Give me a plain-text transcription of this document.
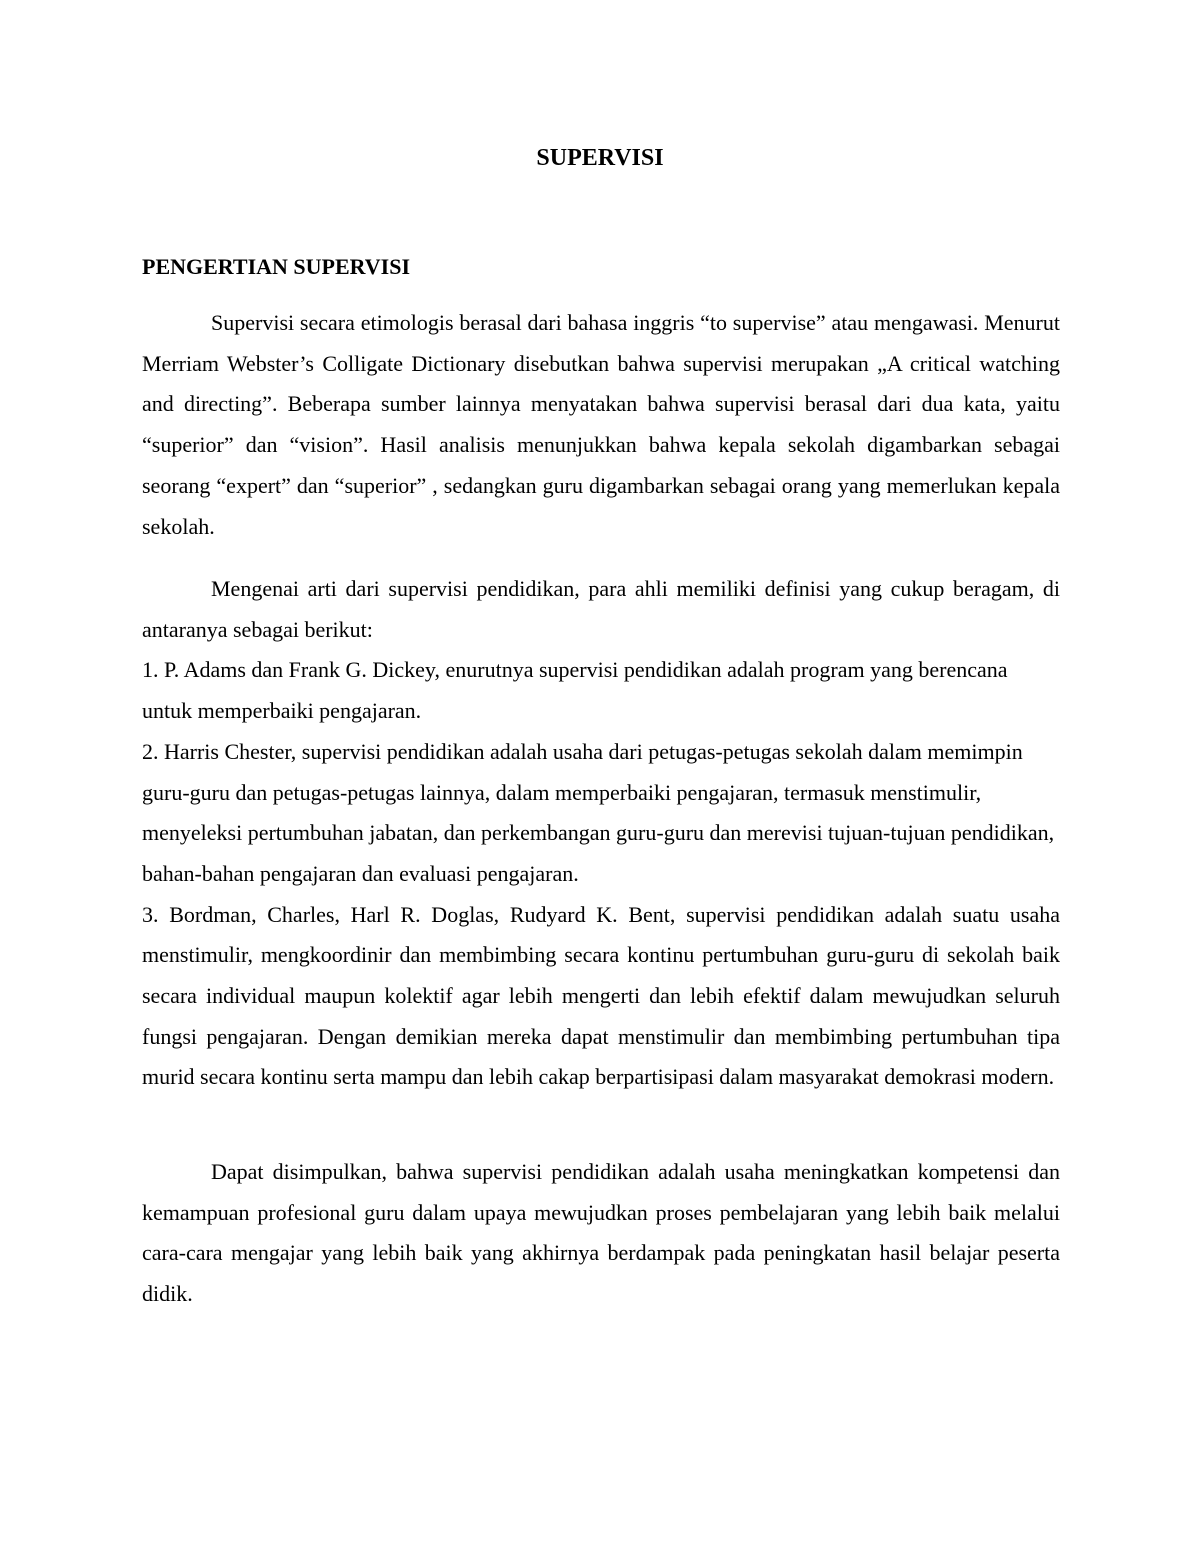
SUPERVISI
PENGERTIAN SUPERVISI

Supervisi secara etimologis berasal dari bahasa inggris “to supervise” atau mengawasi. Menurut Merriam Webster’s Colligate Dictionary disebutkan bahwa supervisi merupakan „A critical watching and directing”. Beberapa sumber lainnya menyatakan bahwa supervisi berasal dari dua kata, yaitu “superior” dan “vision”. Hasil analisis menunjukkan bahwa kepala sekolah digambarkan sebagai seorang “expert” dan “superior” , sedangkan guru digambarkan sebagai orang yang memerlukan kepala sekolah.

Mengenai arti dari supervisi pendidikan, para ahli memiliki definisi yang cukup beragam, di antaranya sebagai berikut:

1. P. Adams dan Frank G. Dickey, enurutnya supervisi pendidikan adalah program yang berencana untuk memperbaiki pengajaran.

2. Harris Chester, supervisi pendidikan adalah usaha dari petugas-petugas sekolah dalam memimpin guru-guru dan petugas-petugas lainnya, dalam memperbaiki pengajaran, termasuk menstimulir, menyeleksi pertumbuhan jabatan, dan perkembangan guru-guru dan merevisi tujuan-tujuan pendidikan, bahan-bahan pengajaran dan evaluasi pengajaran.

3. Bordman, Charles, Harl R. Doglas, Rudyard K. Bent, supervisi pendidikan adalah suatu usaha menstimulir, mengkoordinir dan membimbing secara kontinu pertumbuhan guru-guru di sekolah baik secara individual maupun kolektif agar lebih mengerti dan lebih efektif dalam mewujudkan seluruh fungsi pengajaran. Dengan demikian mereka dapat menstimulir dan membimbing pertumbuhan tipa murid secara kontinu serta mampu dan lebih cakap berpartisipasi dalam masyarakat demokrasi modern.

Dapat disimpulkan, bahwa supervisi pendidikan adalah usaha meningkatkan kompetensi dan kemampuan profesional guru dalam upaya mewujudkan proses pembelajaran yang lebih baik melalui cara-cara mengajar yang lebih baik yang akhirnya berdampak pada peningkatan hasil belajar peserta didik.
